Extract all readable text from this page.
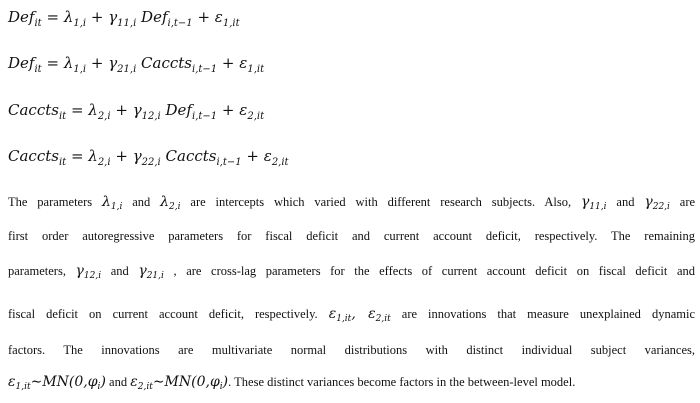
$Def_{it} = \lambda_{1,i} + \gamma_{11,i}$ $Def_{i,t-1} + \varepsilon_{1,it}$
$Def_{it} = \lambda_{1,i} + \gamma_{21,i}$ Caccts$_{i,t-1}$ + $\varepsilon_{1,it}$
Caccts$_{it}$ = $\lambda_{2,i} + \gamma_{12,i}$ $Def_{i,t-1} + \varepsilon_{2,it}$
Caccts$_{it}$ = $\lambda_{2,i} + \gamma_{22,i}$ Caccts$_{i,t-1}$ + $\varepsilon_{2,it}$
The parameters $\lambda_{1,i}$ and $\lambda_{2,i}$ are intercepts which varied with different research subjects. Also, $\gamma_{11,i}$ and $\gamma_{22,i}$ are
first order autoregressive parameters for fiscal deficit and current account deficit, respectively. The remaining
parameters, $\gamma_{12,i}$ and $\gamma_{21,i}$ , are cross-lag parameters for the effects of current account deficit on fiscal deficit and
fiscal deficit on current account deficit, respectively. $\varepsilon_{1,it}$, $\varepsilon_{2,it}$ are innovations that measure unexplained dynamic
factors. The innovations are multivariate normal distributions with distinct individual subject variances,
$\varepsilon_{1,it}\sim MN(0,\varphi_i)$ and $\varepsilon_{2,it}\sim MN(0,\varphi_i)$. These distinct variances become factors in the between-level model.
